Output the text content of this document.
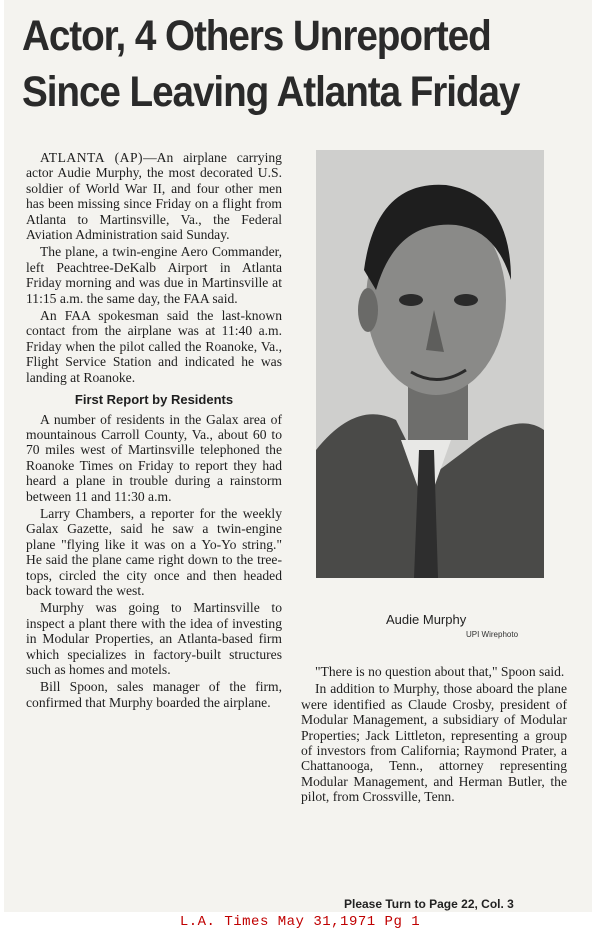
Actor, 4 Others Unreported
Since Leaving Atlanta Friday

ATLANTA (AP)—An airplane carrying actor Audie Murphy, the most decorated U.S. soldier of World War II, and four other men has been missing since Friday on a flight from Atlanta to Martinsville, Va., the Federal Aviation Administration said Sunday.

The plane, a twin-engine Aero Commander, left Peachtree-DeKalb Airport in Atlanta Friday morning and was due in Martinsville at 11:15 a.m. the same day, the FAA said.

An FAA spokesman said the last-known contact from the airplane was at 11:40 a.m. Friday when the pilot called the Roanoke, Va., Flight Service Station and indicated he was landing at Roanoke.

First Report by Residents

A number of residents in the Galax area of mountainous Carroll County, Va., about 60 to 70 miles west of Martinsville telephoned the Roanoke Times on Friday to report they had heard a plane in trouble during a rainstorm between 11 and 11:30 a.m.

Larry Chambers, a reporter for the weekly Galax Gazette, said he saw a twin-engine plane "flying like it was on a Yo-Yo string." He said the plane came right down to the tree-tops, circled the city once and then headed back toward the west.

Murphy was going to Martinsville to inspect a plant there with the idea of investing in Modular Properties, an Atlanta-based firm which specializes in factory-built structures such as homes and motels.

Bill Spoon, sales manager of the firm, confirmed that Murphy boarded the airplane.

Audie Murphy
UPI Wirephoto

"There is no question about that," Spoon said.

In addition to Murphy, those aboard the plane were identified as Claude Crosby, president of Modular Management, a subsidiary of Modular Properties; Jack Littleton, representing a group of investors from California; Raymond Prater, a Chattanooga, Tenn., attorney representing Modular Management, and Herman Butler, the pilot, from Crossville, Tenn.

Please Turn to Page 22, Col. 3
L.A. Times May 31,1971 Pg 1
